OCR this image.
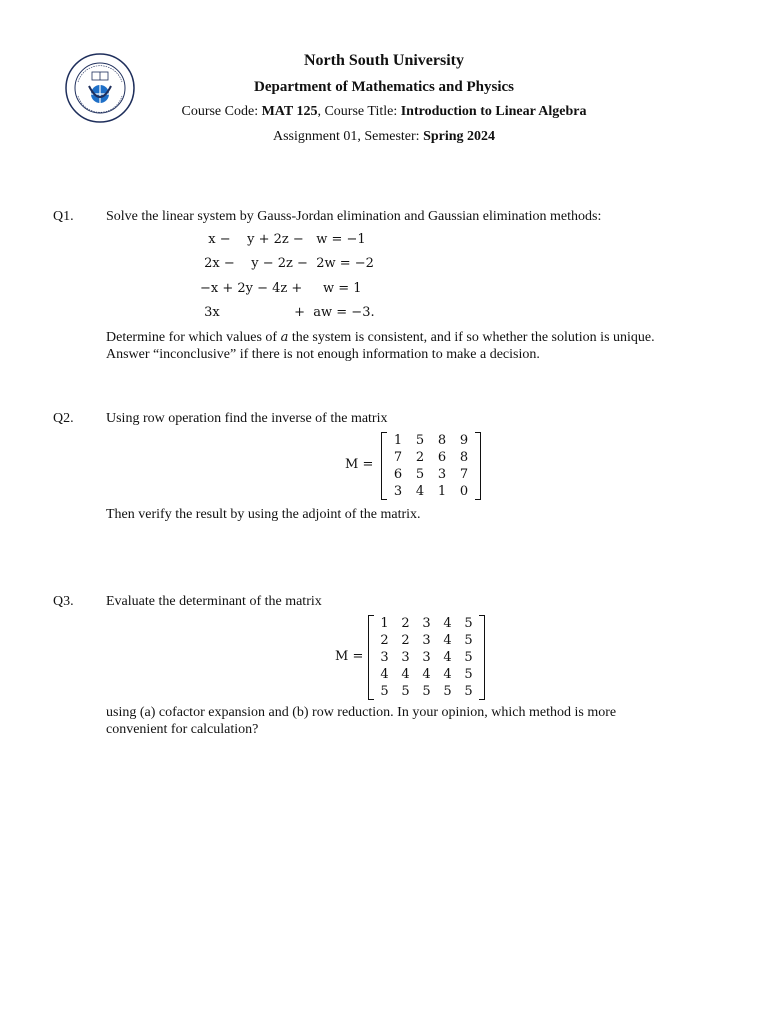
North South University
Department of Mathematics and Physics
Course Code: MAT 125, Course Title: Introduction to Linear Algebra
Assignment 01, Semester: Spring 2024
Q1. Solve the linear system by Gauss-Jordan elimination and Gaussian elimination methods:
x −    y + 2z −   w = −1
2x −    y − 2z −  2w = −2
−x + 2y − 4z +     w = 1
3x                  +  aw = −3.
Determine for which values of a the system is consistent, and if so whether the solution is unique.
Answer “inconclusive” if there is not enough information to make a decision.
Q2. Using row operation find the inverse of the matrix
M =
1	5	8	9
7	2	6	8
6	5	3	7
3	4	1	0
Then verify the result by using the adjoint of the matrix.
Q3. Evaluate the determinant of the matrix
M =
1	2	3	4	5
2	2	3	4	5
3	3	3	4	5
4	4	4	4	5
5	5	5	5	5
using (a) cofactor expansion and (b) row reduction. In your opinion, which method is more
convenient for calculation?
